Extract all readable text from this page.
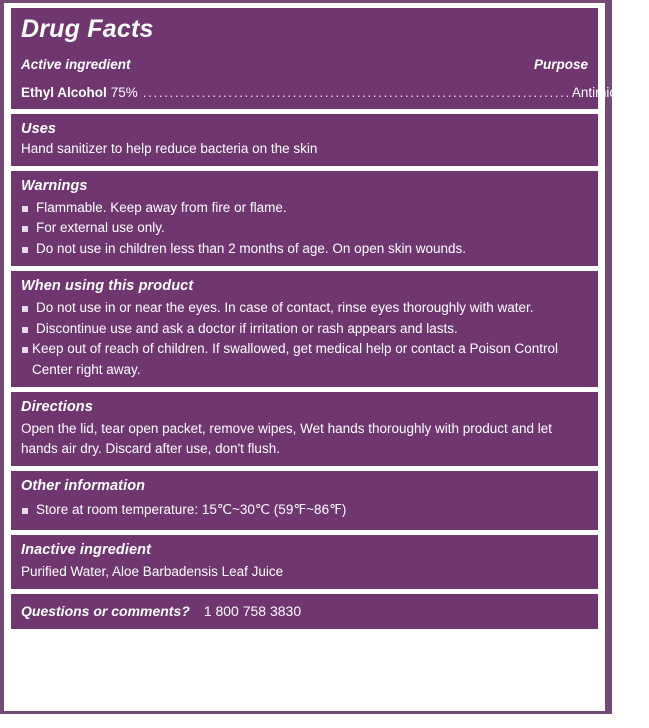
Drug Facts
Active ingredient	Purpose
Ethyl Alcohol 75% ................................................................................ Antimicrobial
Uses

Hand sanitizer to help reduce bacteria on the skin

Warnings
Flammable. Keep away from fire or flame.
For external use only.
Do not use in children less than 2 months of age. On open skin wounds.
When using this product
Do not use in or near the eyes. In case of contact, rinse eyes thoroughly with water.
Discontinue use and ask a doctor if irritation or rash appears and lasts.
Keep out of reach of children. If swallowed, get medical help or contact a Poison Control Center right away.
Directions

Open the lid, tear open packet, remove wipes, Wet hands thoroughly with product and let hands air dry. Discard after use, don't flush.

Other information
Store at room temperature: 15℃~30℃ (59℉~86℉)
Inactive ingredient

Purified Water, Aloe Barbadensis Leaf Juice

Questions or comments? 1 800 758 3830
